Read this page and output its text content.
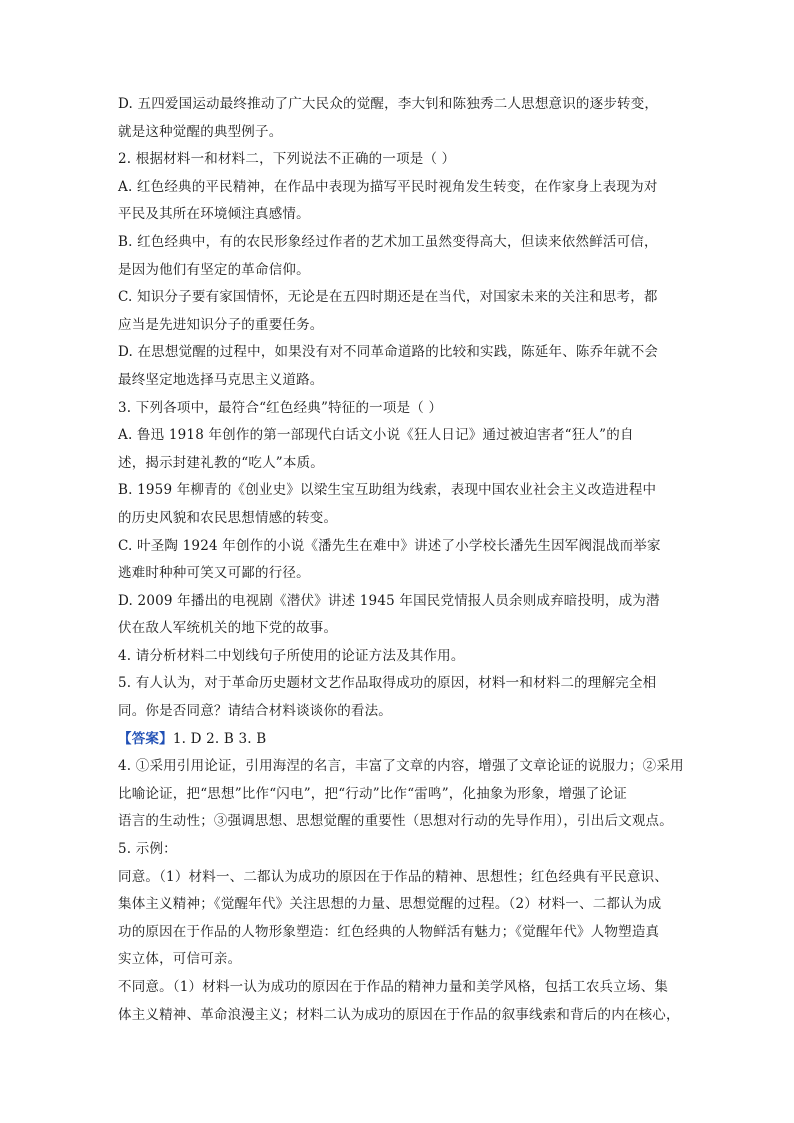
D. 五四爱国运动最终推动了广大民众的觉醒，李大钊和陈独秀二人思想意识的逐步转变，
就是这种觉醒的典型例子。
2. 根据材料一和材料二，下列说法不正确的一项是（ ）
A. 红色经典的平民精神，在作品中表现为描写平民时视角发生转变，在作家身上表现为对
平民及其所在环境倾注真感情。
B. 红色经典中，有的农民形象经过作者的艺术加工虽然变得高大，但读来依然鲜活可信，
是因为他们有坚定的革命信仰。
C. 知识分子要有家国情怀，无论是在五四时期还是在当代，对国家未来的关注和思考，都
应当是先进知识分子的重要任务。
D. 在思想觉醒的过程中，如果没有对不同革命道路的比较和实践，陈延年、陈乔年就不会
最终坚定地选择马克思主义道路。
3. 下列各项中，最符合“红色经典”特征的一项是（ ）
A. 鲁迅 1918 年创作的第一部现代白话文小说《狂人日记》通过被迫害者“狂人”的自
述，揭示封建礼教的“吃人”本质。
B. 1959 年柳青的《创业史》以梁生宝互助组为线索，表现中国农业社会主义改造进程中
的历史风貌和农民思想情感的转变。
C. 叶圣陶 1924 年创作的小说《潘先生在难中》讲述了小学校长潘先生因军阀混战而举家
逃难时种种可笑又可鄙的行径。
D. 2009 年播出的电视剧《潜伏》讲述 1945 年国民党情报人员余则成弃暗投明，成为潜
伏在敌人军统机关的地下党的故事。
4. 请分析材料二中划线句子所使用的论证方法及其作用。
5. 有人认为，对于革命历史题材文艺作品取得成功的原因，材料一和材料二的理解完全相
同。你是否同意？请结合材料谈谈你的看法。
【答案】1. D 2. B 3. B
4. ①采用引用论证，引用海涅的名言，丰富了文章的内容，增强了文章论证的说服力；②采用
比喻论证，把“思想”比作“闪电”，把“行动”比作“雷鸣”，化抽象为形象，增强了论证
语言的生动性；③强调思想、思想觉醒的重要性（思想对行动的先导作用），引出后文观点。
5. 示例：
同意。（1）材料一、二都认为成功的原因在于作品的精神、思想性；红色经典有平民意识、
集体主义精神；《觉醒年代》关注思想的力量、思想觉醒的过程。（2）材料一、二都认为成
功的原因在于作品的人物形象塑造：红色经典的人物鲜活有魅力；《觉醒年代》人物塑造真
实立体，可信可亲。
不同意。（1）材料一认为成功的原因在于作品的精神力量和美学风格，包括工农兵立场、集
体主义精神、革命浪漫主义；材料二认为成功的原因在于作品的叙事线索和背后的内在核心，
